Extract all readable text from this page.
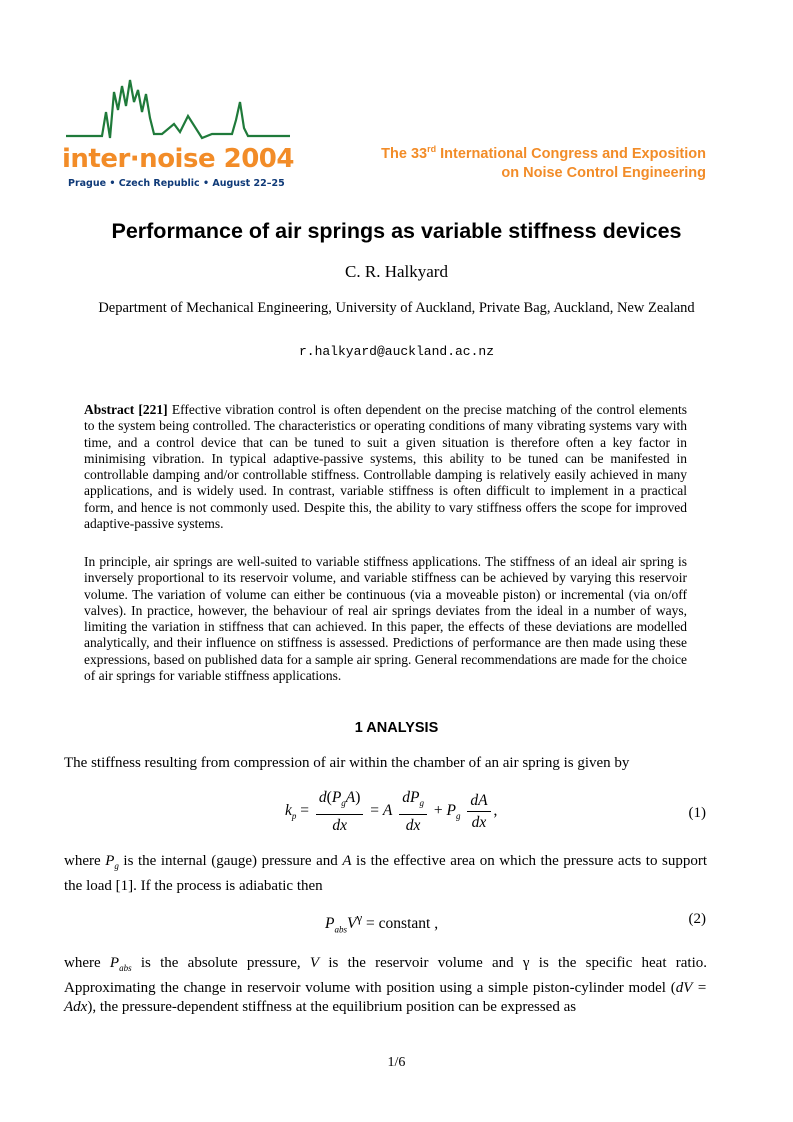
inter·noise 2004
Prague • Czech Republic • August 22–25
The 33rd International Congress and Exposition
on Noise Control Engineering
Performance of air springs as variable stiffness devices
C. R. Halkyard
Department of Mechanical Engineering, University of Auckland, Private Bag, Auckland, New Zealand
r.halkyard@auckland.ac.nz

Abstract [221] Effective vibration control is often dependent on the precise matching of the control elements to the system being controlled. The characteristics or operating conditions of many vibrating systems vary with time, and a control device that can be tuned to suit a given situation is therefore often a key factor in minimising vibration. In typical adaptive-passive systems, this ability to be tuned can be manifested in controllable damping and/or controllable stiffness. Controllable damping is relatively easily achieved in many applications, and is widely used. In contrast, variable stiffness is often difficult to implement in a practical form, and hence is not commonly used. Despite this, the ability to vary stiffness offers the scope for improved adaptive-passive systems.

In principle, air springs are well-suited to variable stiffness applications. The stiffness of an ideal air spring is inversely proportional to its reservoir volume, and variable stiffness can be achieved by varying this reservoir volume. The variation of volume can either be continuous (via a moveable piston) or incremental (via on/off valves). In practice, however, the behaviour of real air springs deviates from the ideal in a number of ways, limiting the variation in stiffness that can achieved. In this paper, the effects of these deviations are modelled analytically, and their influence on stiffness is assessed. Predictions of performance are then made using these expressions, based on published data for a sample air spring. General recommendations are made for the choice of air springs for variable stiffness applications.

1 ANALYSIS

The stiffness resulting from compression of air within the chamber of an air spring is given by

$k_p = \frac{d(P_gA)}{dx} = A \frac{dP_g}{dx} + P_g \frac{dA}{dx}$ ,	(1)

where $P_g$ is the internal (gauge) pressure and A is the effective area on which the pressure acts to support the load [1]. If the process is adiabatic then

$P_{abs}V^\gamma$ = constant ,	(2)

where $P_{abs}$ is the absolute pressure, V is the reservoir volume and γ is the specific heat ratio. Approximating the change in reservoir volume with position using a simple piston-cylinder model (dV = Adx), the pressure-dependent stiffness at the equilibrium position can be expressed as

1/6
